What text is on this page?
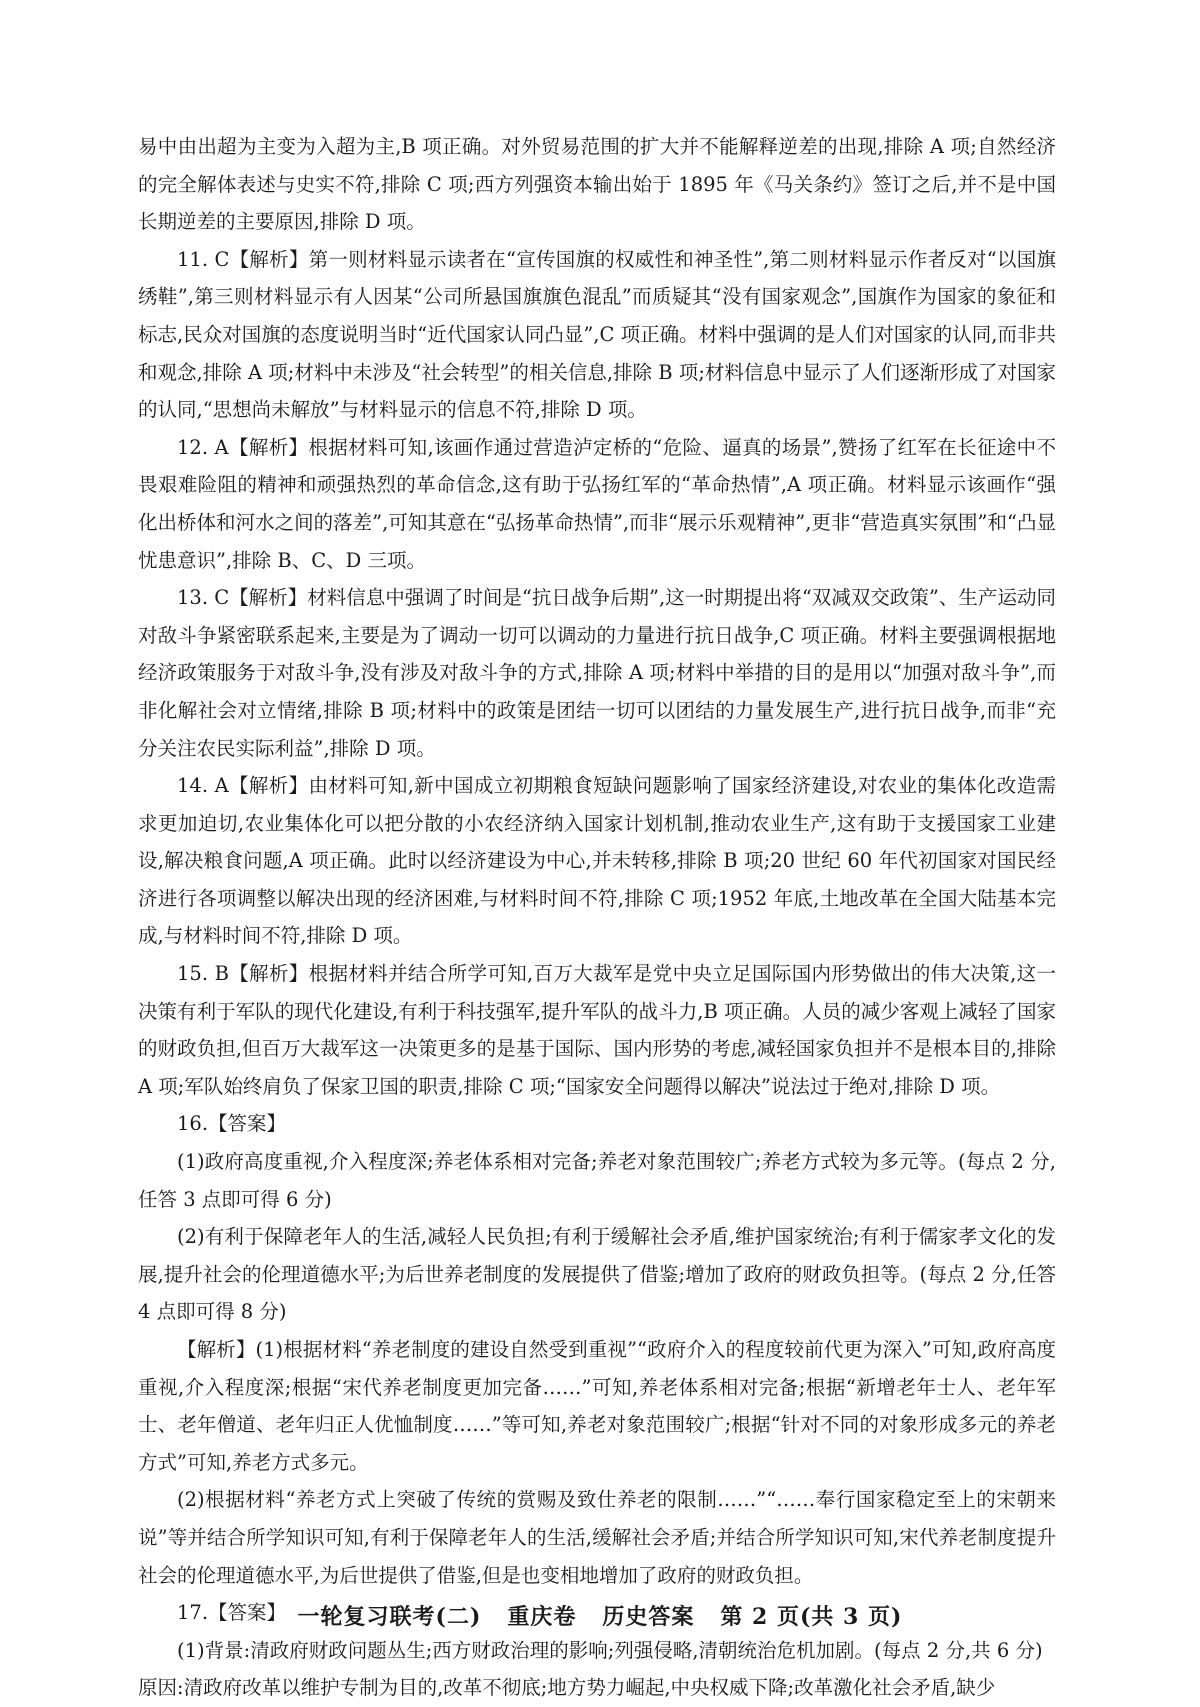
易中由出超为主变为入超为主,B 项正确。对外贸易范围的扩大并不能解释逆差的出现,排除 A 项;自然经济的完全解体表述与史实不符,排除 C 项;西方列强资本输出始于 1895 年《马关条约》签订之后,并不是中国长期逆差的主要原因,排除 D 项。

11. C【解析】第一则材料显示读者在“宣传国旗的权威性和神圣性”,第二则材料显示作者反对“以国旗绣鞋”,第三则材料显示有人因某“公司所悬国旗旗色混乱”而质疑其“没有国家观念”,国旗作为国家的象征和标志,民众对国旗的态度说明当时“近代国家认同凸显”,C 项正确。材料中强调的是人们对国家的认同,而非共和观念,排除 A 项;材料中未涉及“社会转型”的相关信息,排除 B 项;材料信息中显示了人们逐渐形成了对国家的认同,“思想尚未解放”与材料显示的信息不符,排除 D 项。

12. A【解析】根据材料可知,该画作通过营造泸定桥的“危险、逼真的场景”,赞扬了红军在长征途中不畏艰难险阻的精神和顽强热烈的革命信念,这有助于弘扬红军的“革命热情”,A 项正确。材料显示该画作“强化出桥体和河水之间的落差”,可知其意在“弘扬革命热情”,而非“展示乐观精神”,更非“营造真实氛围”和“凸显忧患意识”,排除 B、C、D 三项。

13. C【解析】材料信息中强调了时间是“抗日战争后期”,这一时期提出将“双减双交政策”、生产运动同对敌斗争紧密联系起来,主要是为了调动一切可以调动的力量进行抗日战争,C 项正确。材料主要强调根据地经济政策服务于对敌斗争,没有涉及对敌斗争的方式,排除 A 项;材料中举措的目的是用以“加强对敌斗争”,而非化解社会对立情绪,排除 B 项;材料中的政策是团结一切可以团结的力量发展生产,进行抗日战争,而非“充分关注农民实际利益”,排除 D 项。

14. A【解析】由材料可知,新中国成立初期粮食短缺问题影响了国家经济建设,对农业的集体化改造需求更加迫切,农业集体化可以把分散的小农经济纳入国家计划机制,推动农业生产,这有助于支援国家工业建设,解决粮食问题,A 项正确。此时以经济建设为中心,并未转移,排除 B 项;20 世纪 60 年代初国家对国民经济进行各项调整以解决出现的经济困难,与材料时间不符,排除 C 项;1952 年底,土地改革在全国大陆基本完成,与材料时间不符,排除 D 项。

15. B【解析】根据材料并结合所学可知,百万大裁军是党中央立足国际国内形势做出的伟大决策,这一决策有利于军队的现代化建设,有利于科技强军,提升军队的战斗力,B 项正确。人员的减少客观上减轻了国家的财政负担,但百万大裁军这一决策更多的是基于国际、国内形势的考虑,减轻国家负担并不是根本目的,排除 A 项;军队始终肩负了保家卫国的职责,排除 C 项;“国家安全问题得以解决”说法过于绝对,排除 D 项。

16.【答案】

(1)政府高度重视,介入程度深;养老体系相对完备;养老对象范围较广;养老方式较为多元等。(每点 2 分,任答 3 点即可得 6 分)

(2)有利于保障老年人的生活,减轻人民负担;有利于缓解社会矛盾,维护国家统治;有利于儒家孝文化的发展,提升社会的伦理道德水平;为后世养老制度的发展提供了借鉴;增加了政府的财政负担等。(每点 2 分,任答 4 点即可得 8 分)

【解析】(1)根据材料“养老制度的建设自然受到重视”“政府介入的程度较前代更为深入”可知,政府高度重视,介入程度深;根据“宋代养老制度更加完备……”可知,养老体系相对完备;根据“新增老年士人、老年军士、老年僧道、老年归正人优恤制度……”等可知,养老对象范围较广;根据“针对不同的对象形成多元的养老方式”可知,养老方式多元。

(2)根据材料“养老方式上突破了传统的赏赐及致仕养老的限制……”“……奉行国家稳定至上的宋朝来说”等并结合所学知识可知,有利于保障老年人的生活,缓解社会矛盾;并结合所学知识可知,宋代养老制度提升社会的伦理道德水平,为后世提供了借鉴,但是也变相地增加了政府的财政负担。

17.【答案】

(1)背景:清政府财政问题丛生;西方财政治理的影响;列强侵略,清朝统治危机加剧。(每点 2 分,共 6 分)

原因:清政府改革以维护专制为目的,改革不彻底;地方势力崛起,中央权威下降;改革激化社会矛盾,缺少

一轮复习联考(二) 重庆卷 历史答案 第 2 页(共 3 页)
